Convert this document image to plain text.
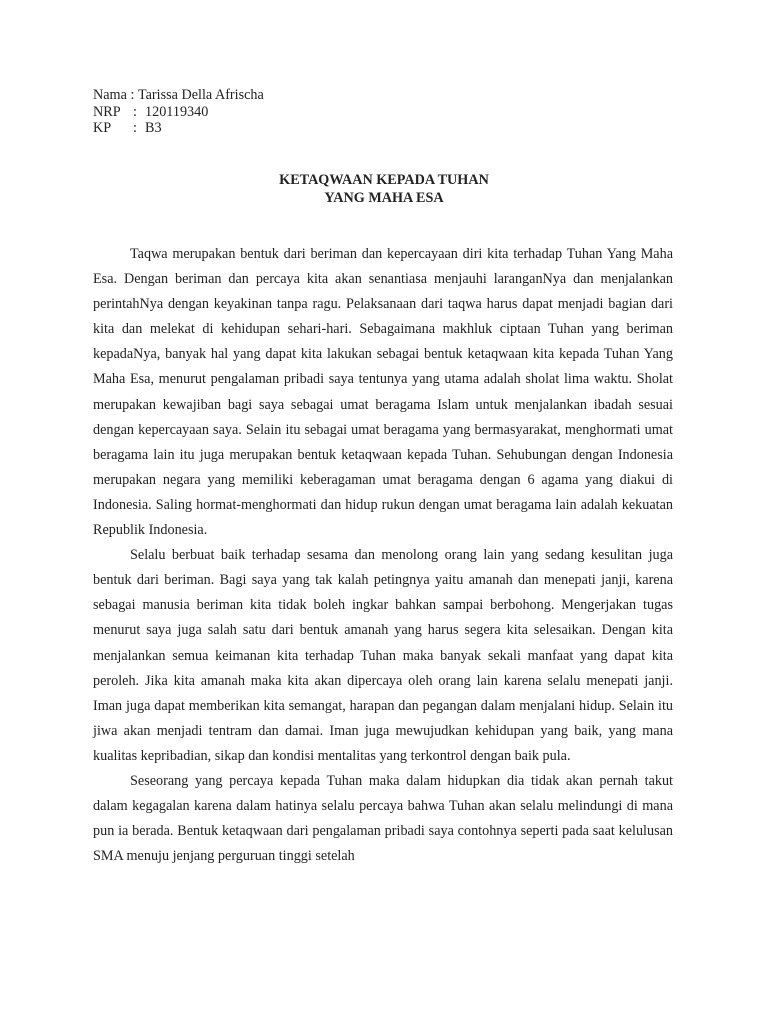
Nama : Tarissa Della Afrischa
NRP : 120119340
KP	: B3
KETAQWAAN KEPADA TUHAN
YANG MAHA ESA

Taqwa merupakan bentuk dari beriman dan kepercayaan diri kita terhadap Tuhan Yang Maha Esa. Dengan beriman dan percaya kita akan senantiasa menjauhi laranganNya dan menjalankan perintahNya dengan keyakinan tanpa ragu. Pelaksanaan dari taqwa harus dapat menjadi bagian dari kita dan melekat di kehidupan sehari-hari. Sebagaimana makhluk ciptaan Tuhan yang beriman kepadaNya, banyak hal yang dapat kita lakukan sebagai bentuk ketaqwaan kita kepada Tuhan Yang Maha Esa, menurut pengalaman pribadi saya tentunya yang utama adalah sholat lima waktu. Sholat merupakan kewajiban bagi saya sebagai umat beragama Islam untuk menjalankan ibadah sesuai dengan kepercayaan saya. Selain itu sebagai umat beragama yang bermasyarakat, menghormati umat beragama lain itu juga merupakan bentuk ketaqwaan kepada Tuhan. Sehubungan dengan Indonesia merupakan negara yang memiliki keberagaman umat beragama dengan 6 agama yang diakui di Indonesia. Saling hormat-menghormati dan hidup rukun dengan umat beragama lain adalah kekuatan Republik Indonesia.

Selalu berbuat baik terhadap sesama dan menolong orang lain yang sedang kesulitan juga bentuk dari beriman. Bagi saya yang tak kalah petingnya yaitu amanah dan menepati janji, karena sebagai manusia beriman kita tidak boleh ingkar bahkan sampai berbohong. Mengerjakan tugas menurut saya juga salah satu dari bentuk amanah yang harus segera kita selesaikan. Dengan kita menjalankan semua keimanan kita terhadap Tuhan maka banyak sekali manfaat yang dapat kita peroleh. Jika kita amanah maka kita akan dipercaya oleh orang lain karena selalu menepati janji. Iman juga dapat memberikan kita semangat, harapan dan pegangan dalam menjalani hidup. Selain itu jiwa akan menjadi tentram dan damai. Iman juga mewujudkan kehidupan yang baik, yang mana kualitas kepribadian, sikap dan kondisi mentalitas yang terkontrol dengan baik pula.

Seseorang yang percaya kepada Tuhan maka dalam hidupkan dia tidak akan pernah takut dalam kegagalan karena dalam hatinya selalu percaya bahwa Tuhan akan selalu melindungi di mana pun ia berada. Bentuk ketaqwaan dari pengalaman pribadi saya contohnya seperti pada saat kelulusan SMA menuju jenjang perguruan tinggi setelah
